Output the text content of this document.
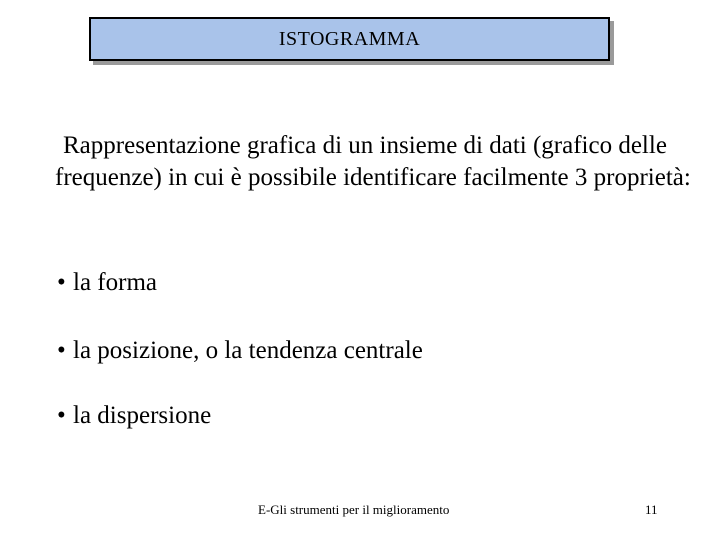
ISTOGRAMMA

Rappresentazione grafica di un insieme di dati (grafico delle frequenze) in cui è possibile identificare facilmente 3 proprietà:

• la forma
• la posizione, o la tendenza centrale
• la dispersione
E-Gli strumenti per il miglioramento	11
